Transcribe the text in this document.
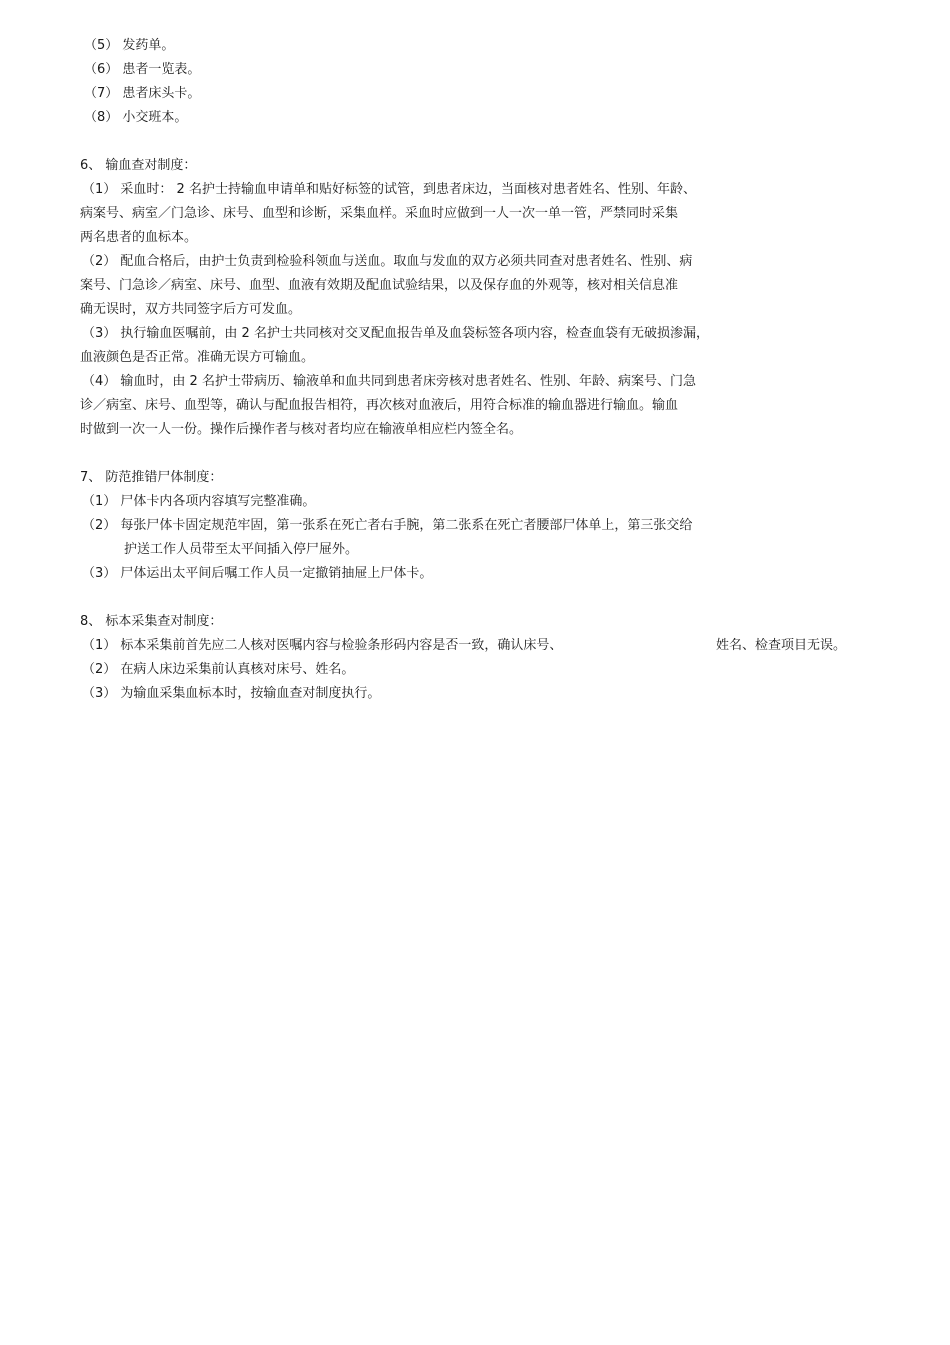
（5） 发药单。
（6） 患者一览表。
（7） 患者床头卡。
（8） 小交班本。
6、 输血查对制度：
（1） 采血时： 2 名护士持输血申请单和贴好标签的试管，到患者床边，当面核对患者姓名、性别、年龄、
病案号、病室／门急诊、床号、血型和诊断，采集血样。采血时应做到一人一次一单一管，严禁同时采集
两名患者的血标本。
（2） 配血合格后，由护士负责到检验科领血与送血。取血与发血的双方必须共同查对患者姓名、性别、病
案号、门急诊／病室、床号、血型、血液有效期及配血试验结果，以及保存血的外观等，核对相关信息准
确无误时，双方共同签字后方可发血。
（3） 执行输血医嘱前，由 2 名护士共同核对交叉配血报告单及血袋标签各项内容，检查血袋有无破损渗漏，
血液颜色是否正常。准确无误方可输血。
（4） 输血时，由 2 名护士带病历、输液单和血共同到患者床旁核对患者姓名、性别、年龄、病案号、门急
诊／病室、床号、血型等，确认与配血报告相符，再次核对血液后，用符合标准的输血器进行输血。输血
时做到一次一人一份。操作后操作者与核对者均应在输液单相应栏内签全名。
7、 防范推错尸体制度：
（1） 尸体卡内各项内容填写完整准确。
（2） 每张尸体卡固定规范牢固，第一张系在死亡者右手腕，第二张系在死亡者腰部尸体单上，第三张交给
护送工作人员带至太平间插入停尸屉外。
（3） 尸体运出太平间后嘱工作人员一定撤销抽屉上尸体卡。
8、 标本采集查对制度：
（1） 标本采集前首先应二人核对医嘱内容与检验条形码内容是否一致，确认床号、	姓名、检查项目无误。
（2） 在病人床边采集前认真核对床号、姓名。
（3） 为输血采集血标本时，按输血查对制度执行。
